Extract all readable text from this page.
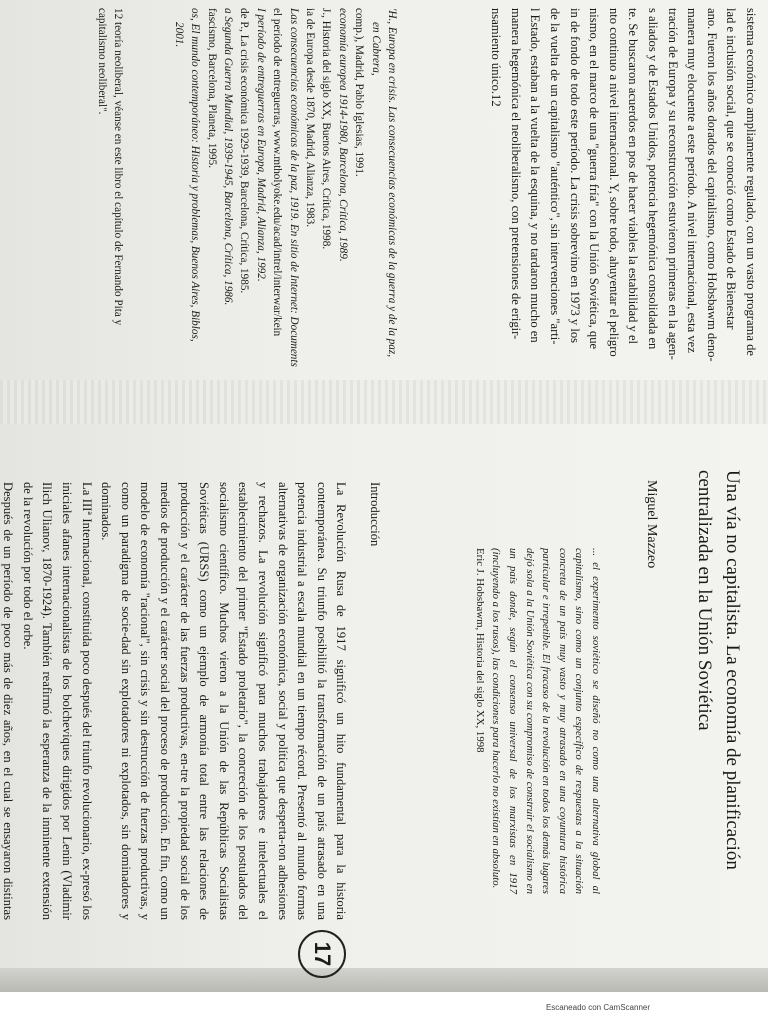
sistema económico ampliamente regulado, con un vasto programa de

lad e inclusión social, que se conoció como Estado de Bienestar

ano. Fueron los años dorados del capitalismo, como Hobsbawm deno-

manera muy elocuente a este período. A nivel internacional, esta vez

tración de Europa y su reconstrucción estuvieron primeras en la agen-

s aliados y de Estados Unidos, potencia hegemónica consolidada en

te. Se buscaron acuerdos en pos de hacer viables la estabilidad y el

nto continuo a nivel internacional. Y, sobre todo, ahuyentar el peligro

nismo, en el marco de una "guerra fría" con la Unión Soviética, que

in de fondo de todo este período. La crisis sobrevino en 1973 y los

de la vuelta de un capitalismo "auténtico", sin intervenciones "arti-

l Estado, estaban a la vuelta de la esquina, y no tardaron mucho en

manera hegemónica el neoliberalismo, con pretensiones de erigir-

nsamiento único.12

'H., Europa en crisis. Las consecuencias económicas de la guerra y de la paz, en Cabrera,

comp.), Madrid, Pablo Iglesias, 1991.

economía europea 1914-1980, Barcelona, Crítica, 1989.

J., Historia del siglo XX, Buenos Aires, Crítica, 1998.

ia de Europa desde 1870, Madrid, Alianza, 1983.

Las consecuencias económicas de la paz, 1919. En sitio de Internet: Documents

el período de entreguerras, www.mtholyoke.edu/acad/intrel/interwar/kein

I período de entreguerras en Europa, Madrid, Alianza, 1992.

de P., La crisis económica 1929-1939, Barcelona, Crítica, 1985.

a Segunda Guerra Mundial, 1939-1945, Barcelona, Crítica, 1986.

fascismo, Barcelona, Planeta, 1995.

os, El mundo contemporáneo: Historia y problemas, Buenos Aires, Biblos, 2001.

12 teoría neoliberal, véanse en este libro el capítulo de Fernando Pita y

capitalismo neoliberal".

Una vía no capitalista. La economía de planificación
centralizada en la Unión Soviética
Miguel Mazzeo
... el experimento soviético se diseñó no como una alternativa global al capitalismo, sino como un conjunto específico de respuestas a la situación concreta de un país muy vasto y muy atrasado en una coyuntura histórica particular e irrepetible. El fracaso de la revolución en todos los demás lugares dejó sola a la Unión Soviética con su compromiso de construir el socialismo en un país donde, según el consenso universal de los marxistas en 1917 (incluyendo a los rusos), las condiciones para hacerlo no existían en absoluto.
Eric J. Hobsbawm, Historia del siglo XX, 1998

Introducción

La Revolución Rusa de 1917 significó un hito fundamental para la historia contemporánea. Su triunfo posibilitó la transformación de un país atrasado en una potencia industrial a escala mundial en un tiempo récord. Presentó al mundo formas alternativas de organización económica, social y política que desperta-ron adhesiones y rechazos. La revolución significó para muchos trabajadores e intelectuales el establecimiento del primer "Estado proletario", la concreción de los postulados del socialismo científico. Muchos vieron a la Unión de las Repúblicas Socialistas Soviéticas (URSS) como un ejemplo de armonía total entre las relaciones de producción y el carácter de las fuerzas productivas, en-tre la propiedad social de los medios de producción y el carácter social del proceso de producción. En fin, como un modelo de economía "racional", sin crisis y sin destrucción de fuerzas productivas, y como un paradigma de socie-dad sin explotadores ni explotados, sin dominadores y dominados.

La IIIª Internacional, constituida poco después del triunfo revolucionario, ex-presó los iniciales afanes internacionalistas de los bolcheviques dirigidos por Lenin (Vladimir Ilich Ulianov, 1870-1924). También reafirmó la esperanza de la inminente extensión de la revolución por todo el orbe.

Después de un período de poco más de diez años, en el cual se ensayaron distintas

17
Escaneado con CamScanner
